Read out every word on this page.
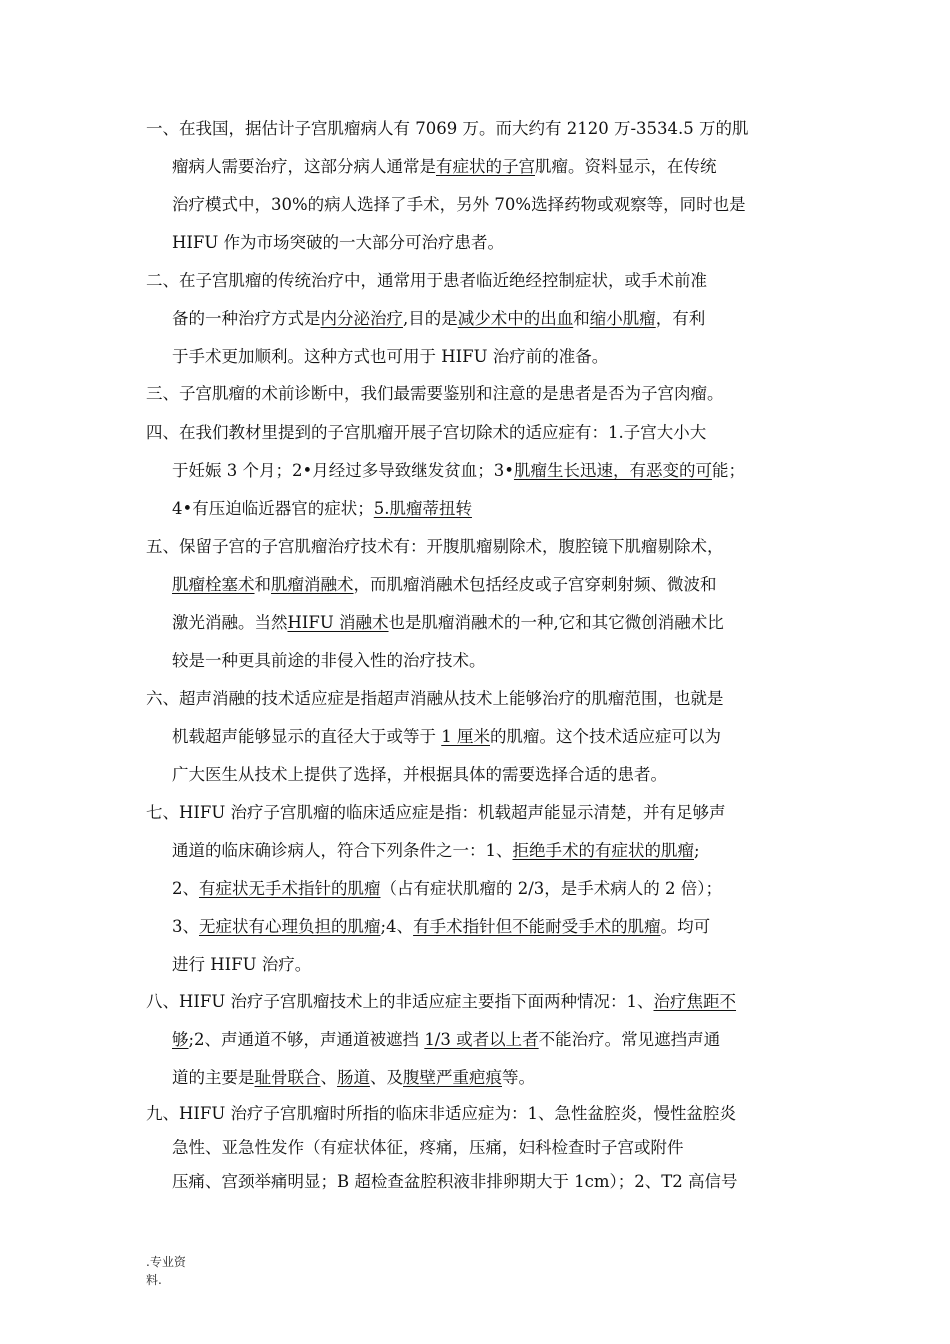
一、在我国，据估计子宫肌瘤病人有 7069 万。而大约有 2120 万-3534.5 万的肌
瘤病人需要治疗，这部分病人通常是有症状的子宫肌瘤。资料显示，在传统
治疗模式中，30%的病人选择了手术，另外 70%选择药物或观察等，同时也是
HIFU 作为市场突破的一大部分可治疗患者。
二、在子宫肌瘤的传统治疗中，通常用于患者临近绝经控制症状，或手术前准
备的一种治疗方式是内分泌治疗,目的是减少术中的出血和缩小肌瘤，有利
于手术更加顺利。这种方式也可用于 HIFU 治疗前的准备。
三、子宫肌瘤的术前诊断中，我们最需要鉴别和注意的是患者是否为子宫肉瘤。
四、在我们教材里提到的子宫肌瘤开展子宫切除术的适应症有：1.子宫大小大
于妊娠 3 个月；2•月经过多导致继发贫血；3•肌瘤生长迅速，有恶变的可能；
4•有压迫临近器官的症状；5.肌瘤蒂扭转
五、保留子宫的子宫肌瘤治疗技术有：开腹肌瘤剔除术，腹腔镜下肌瘤剔除术，
肌瘤栓塞术和肌瘤消融术，而肌瘤消融术包括经皮或子宫穿刺射频、微波和
激光消融。当然HIFU 消融术也是肌瘤消融术的一种,它和其它微创消融术比
较是一种更具前途的非侵入性的治疗技术。
六、超声消融的技术适应症是指超声消融从技术上能够治疗的肌瘤范围，也就是
机载超声能够显示的直径大于或等于 1 厘米的肌瘤。这个技术适应症可以为
广大医生从技术上提供了选择，并根据具体的需要选择合适的患者。
七、HIFU 治疗子宫肌瘤的临床适应症是指：机载超声能显示清楚，并有足够声
通道的临床确诊病人，符合下列条件之一：1、拒绝手术的有症状的肌瘤;
2、有症状无手术指针的肌瘤（占有症状肌瘤的 2/3，是手术病人的 2 倍）；
3、无症状有心理负担的肌瘤;4、有手术指针但不能耐受手术的肌瘤。均可
进行 HIFU 治疗。
八、HIFU 治疗子宫肌瘤技术上的非适应症主要指下面两种情况：1、治疗焦距不
够;2、声通道不够，声通道被遮挡 1/3 或者以上者不能治疗。常见遮挡声通
道的主要是耻骨联合、肠道、及腹壁严重疤痕等。
九、HIFU 治疗子宫肌瘤时所指的临床非适应症为：1、急性盆腔炎，慢性盆腔炎
急性、亚急性发作（有症状体征，疼痛，压痛，妇科检查时子宫或附件
压痛、宫颈举痛明显；B 超检查盆腔积液非排卵期大于 1cm）；2、T2 高信号
.专业资
料.
